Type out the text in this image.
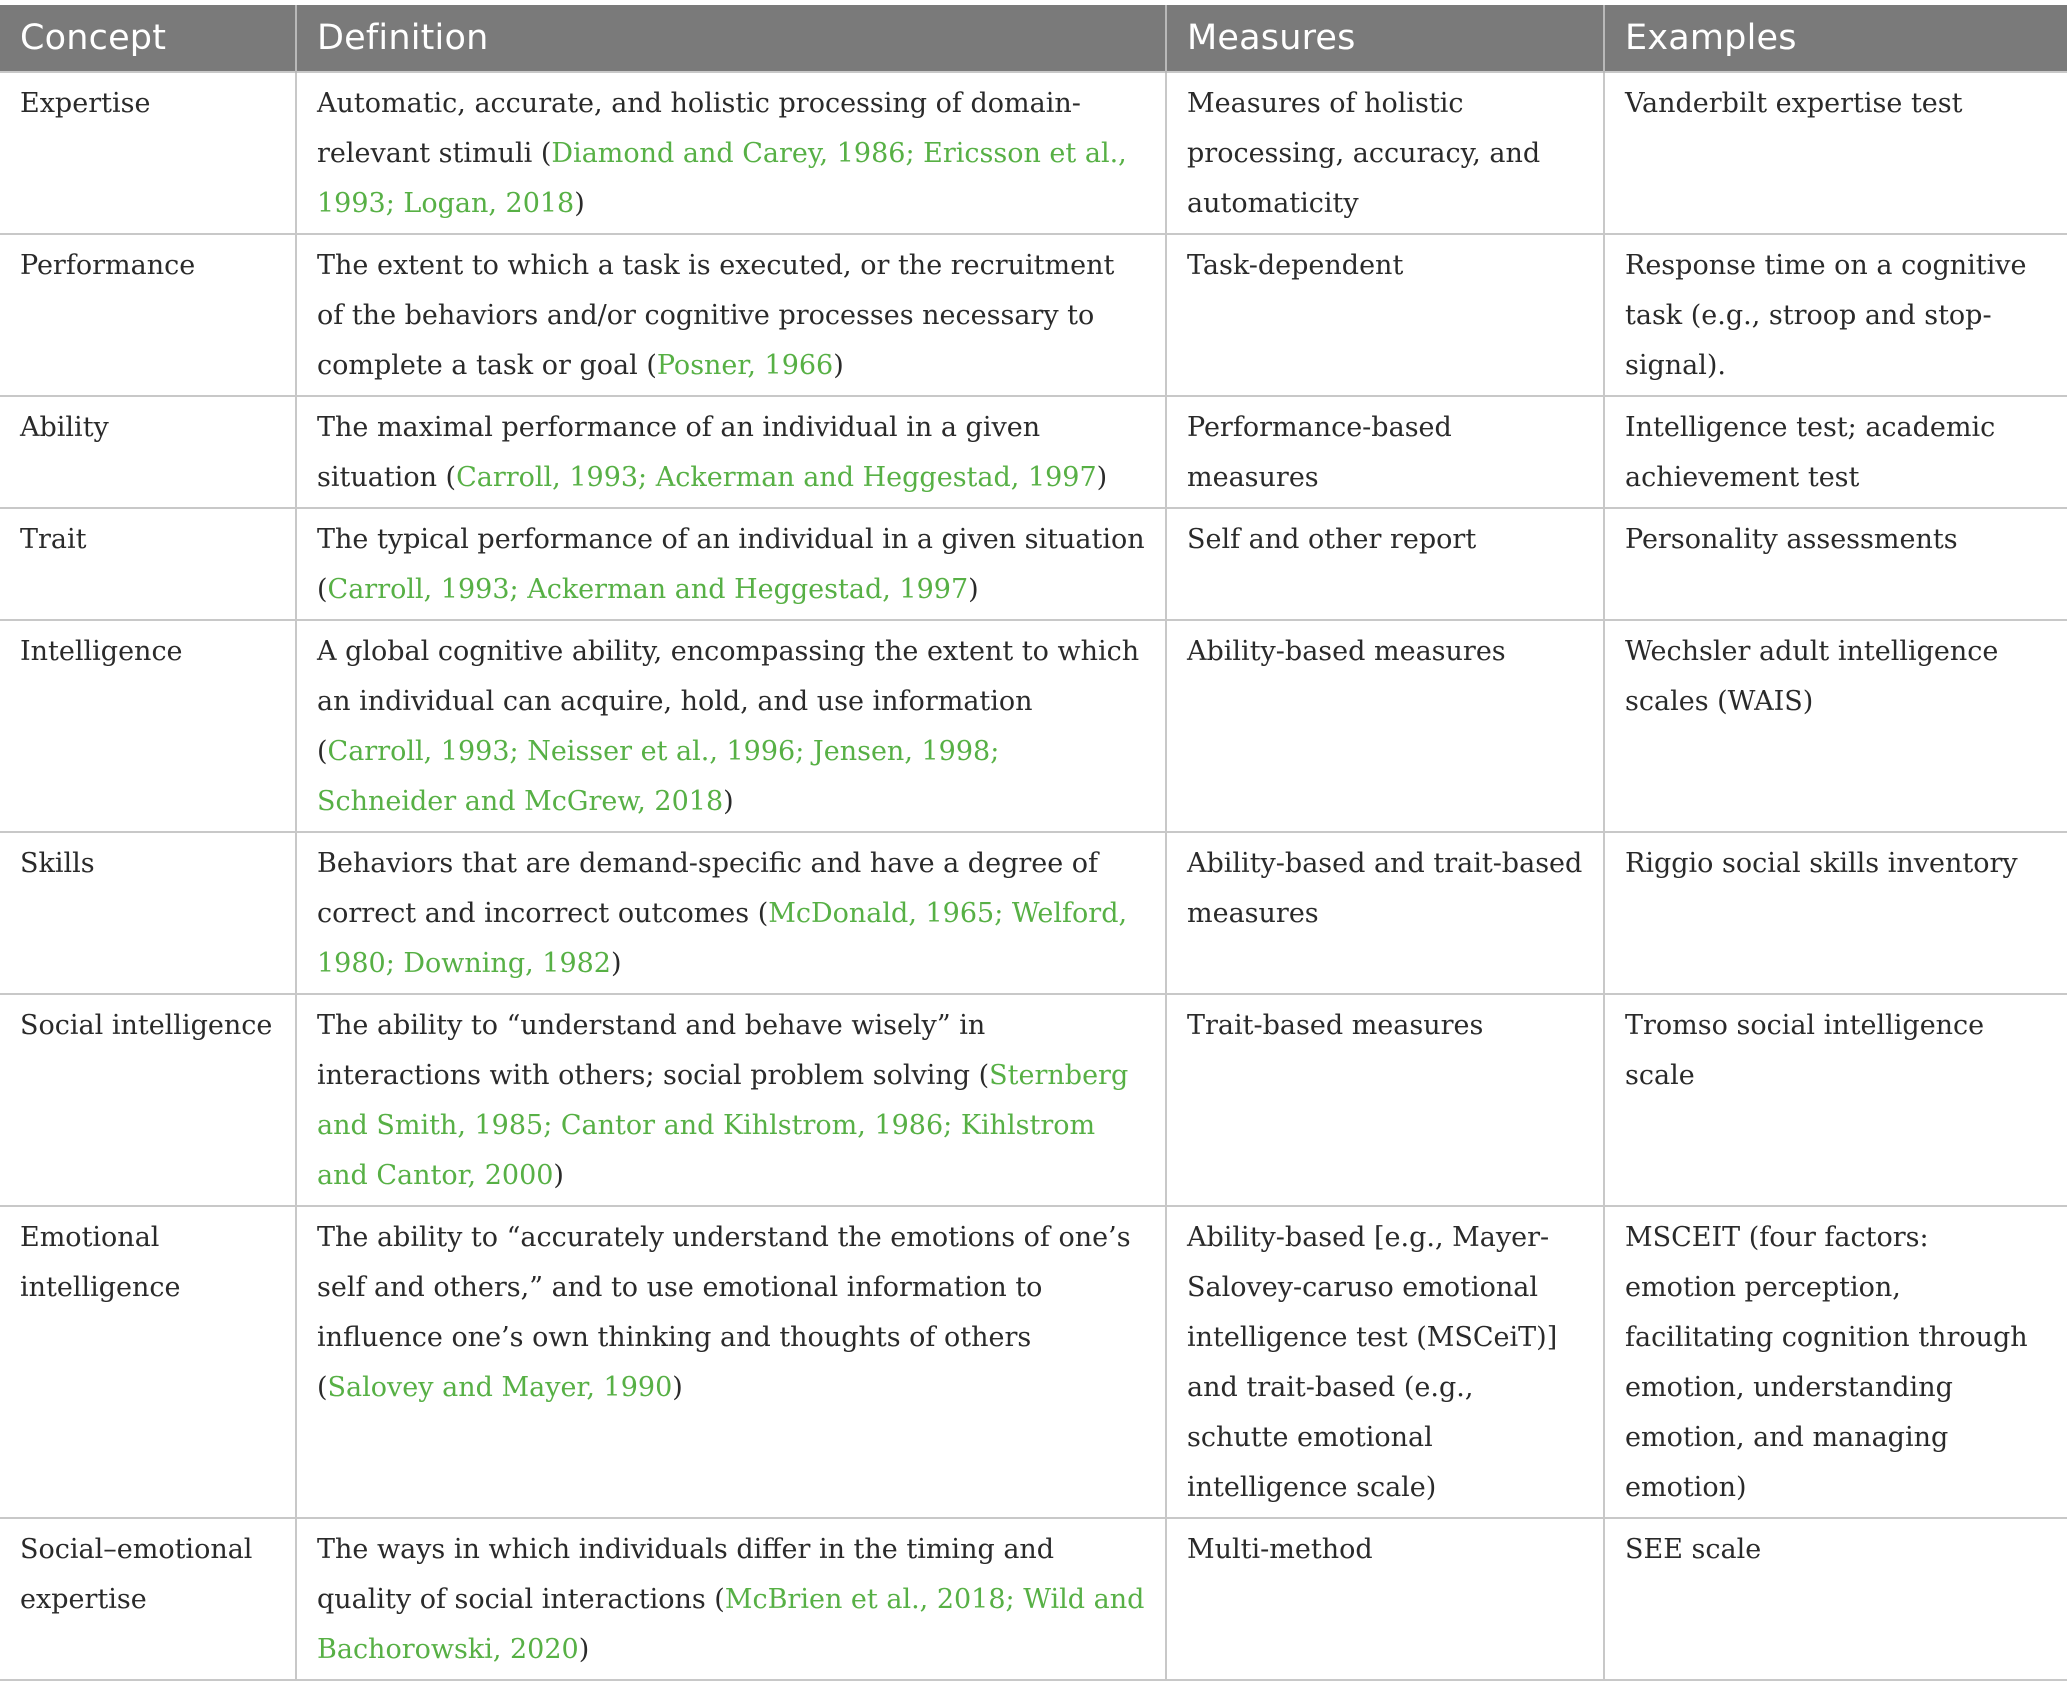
Concept	Definition	Measures	Examples
Expertise	Automatic, accurate, and holistic processing of domain-relevant stimuli (Diamond and Carey, 1986; Ericsson et al., 1993; Logan, 2018)	Measures of holistic processing, accuracy, and automaticity	Vanderbilt expertise test
Performance	The extent to which a task is executed, or the recruitment of the behaviors and/or cognitive processes necessary to complete a task or goal (Posner, 1966)	Task-dependent	Response time on a cognitive task (e.g., stroop and stop-signal).
Ability	The maximal performance of an individual in a given situation (Carroll, 1993; Ackerman and Heggestad, 1997)	Performance-based measures	Intelligence test; academic achievement test
Trait	The typical performance of an individual in a given situation (Carroll, 1993; Ackerman and Heggestad, 1997)	Self and other report	Personality assessments
Intelligence	A global cognitive ability, encompassing the extent to which an individual can acquire, hold, and use information (Carroll, 1993; Neisser et al., 1996; Jensen, 1998; Schneider and McGrew, 2018)	Ability-based measures	Wechsler adult intelligence scales (WAIS)
Skills	Behaviors that are demand-specific and have a degree of correct and incorrect outcomes (McDonald, 1965; Welford, 1980; Downing, 1982)	Ability-based and trait-based measures	Riggio social skills inventory
Social intelligence	The ability to “understand and behave wisely” in interactions with others; social problem solving (Sternberg and Smith, 1985; Cantor and Kihlstrom, 1986; Kihlstrom and Cantor, 2000)	Trait-based measures	Tromso social intelligence scale
Emotional intelligence	The ability to “accurately understand the emotions of one’s self and others,” and to use emotional information to influence one’s own thinking and thoughts of others (Salovey and Mayer, 1990)	Ability-based [e.g., Mayer-Salovey-caruso emotional intelligence test (MSCeiT)] and trait-based (e.g., schutte emotional intelligence scale)	MSCEIT (four factors: emotion perception, facilitating cognition through emotion, understanding emotion, and managing emotion)
Social–emotional expertise	The ways in which individuals differ in the timing and quality of social interactions (McBrien et al., 2018; Wild and Bachorowski, 2020)	Multi-method	SEE scale
